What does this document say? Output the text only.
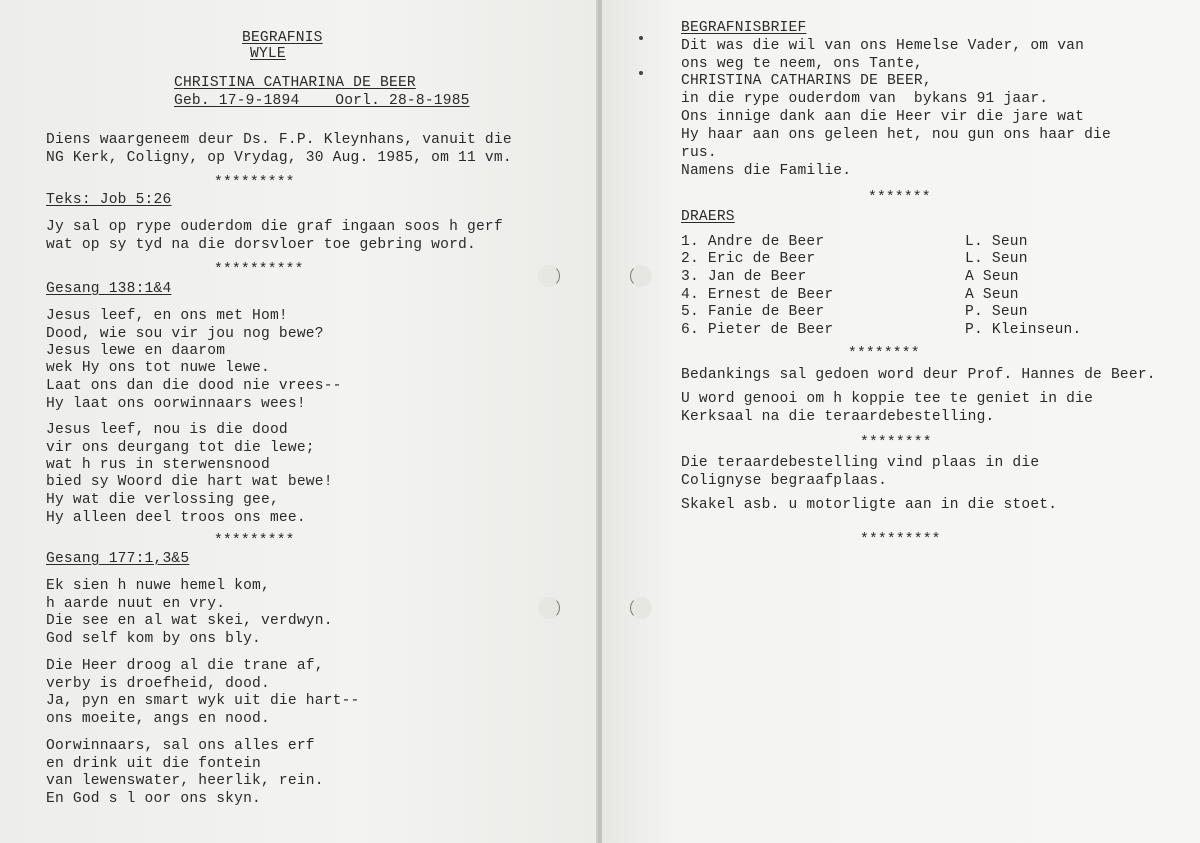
BEGRAFNIS
WYLE
CHRISTINA CATHARINA DE BEER
Geb. 17-9-1894    Oorl. 28-8-1985
Diens waargeneem deur Ds. F.P. Kleynhans, vanuit die
NG Kerk, Coligny, op Vrydag, 30 Aug. 1985, om 11 vm.
*********
Teks: Job 5:26
Jy sal op rype ouderdom die graf ingaan soos h gerf
wat op sy tyd na die dorsvloer toe gebring word.
**********
Gesang 138:1&4
Jesus leef, en ons met Hom!
Dood, wie sou vir jou nog bewe?
Jesus lewe en daarom
wek Hy ons tot nuwe lewe.
Laat ons dan die dood nie vrees--
Hy laat ons oorwinnaars wees!
Jesus leef, nou is die dood
vir ons deurgang tot die lewe;
wat h rus in sterwensnood
bied sy Woord die hart wat bewe!
Hy wat die verlossing gee,
Hy alleen deel troos ons mee.
*********
Gesang 177:1,3&5
Ek sien h nuwe hemel kom,
h aarde nuut en vry.
Die see en al wat skei, verdwyn.
God self kom by ons bly.
Die Heer droog al die trane af,
verby is droefheid, dood.
Ja, pyn en smart wyk uit die hart--
ons moeite, angs en nood.
Oorwinnaars, sal ons alles erf
en drink uit die fontein
van lewenswater, heerlik, rein.
En God s l oor ons skyn.
BEGRAFNISBRIEF
Dit was die wil van ons Hemelse Vader, om van
ons weg te neem, ons Tante,
CHRISTINA CATHARINS DE BEER,
in die rype ouderdom van  bykans 91 jaar.
Ons innige dank aan die Heer vir die jare wat
Hy haar aan ons geleen het, nou gun ons haar die
rus.
Namens die Familie.
*******
DRAERS
1. Andre de Beer	L. Seun
2. Eric de Beer	L. Seun
3. Jan de Beer	A Seun
4. Ernest de Beer	A Seun
5. Fanie de Beer	P. Seun
6. Pieter de Beer	P. Kleinseun.
********
Bedankings sal gedoen word deur Prof. Hannes de Beer.
U word genooi om h koppie tee te geniet in die
Kerksaal na die teraardebestelling.
********
Die teraardebestelling vind plaas in die
Colignyse begraafplaas.
Skakel asb. u motorligte aan in die stoet.
*********
